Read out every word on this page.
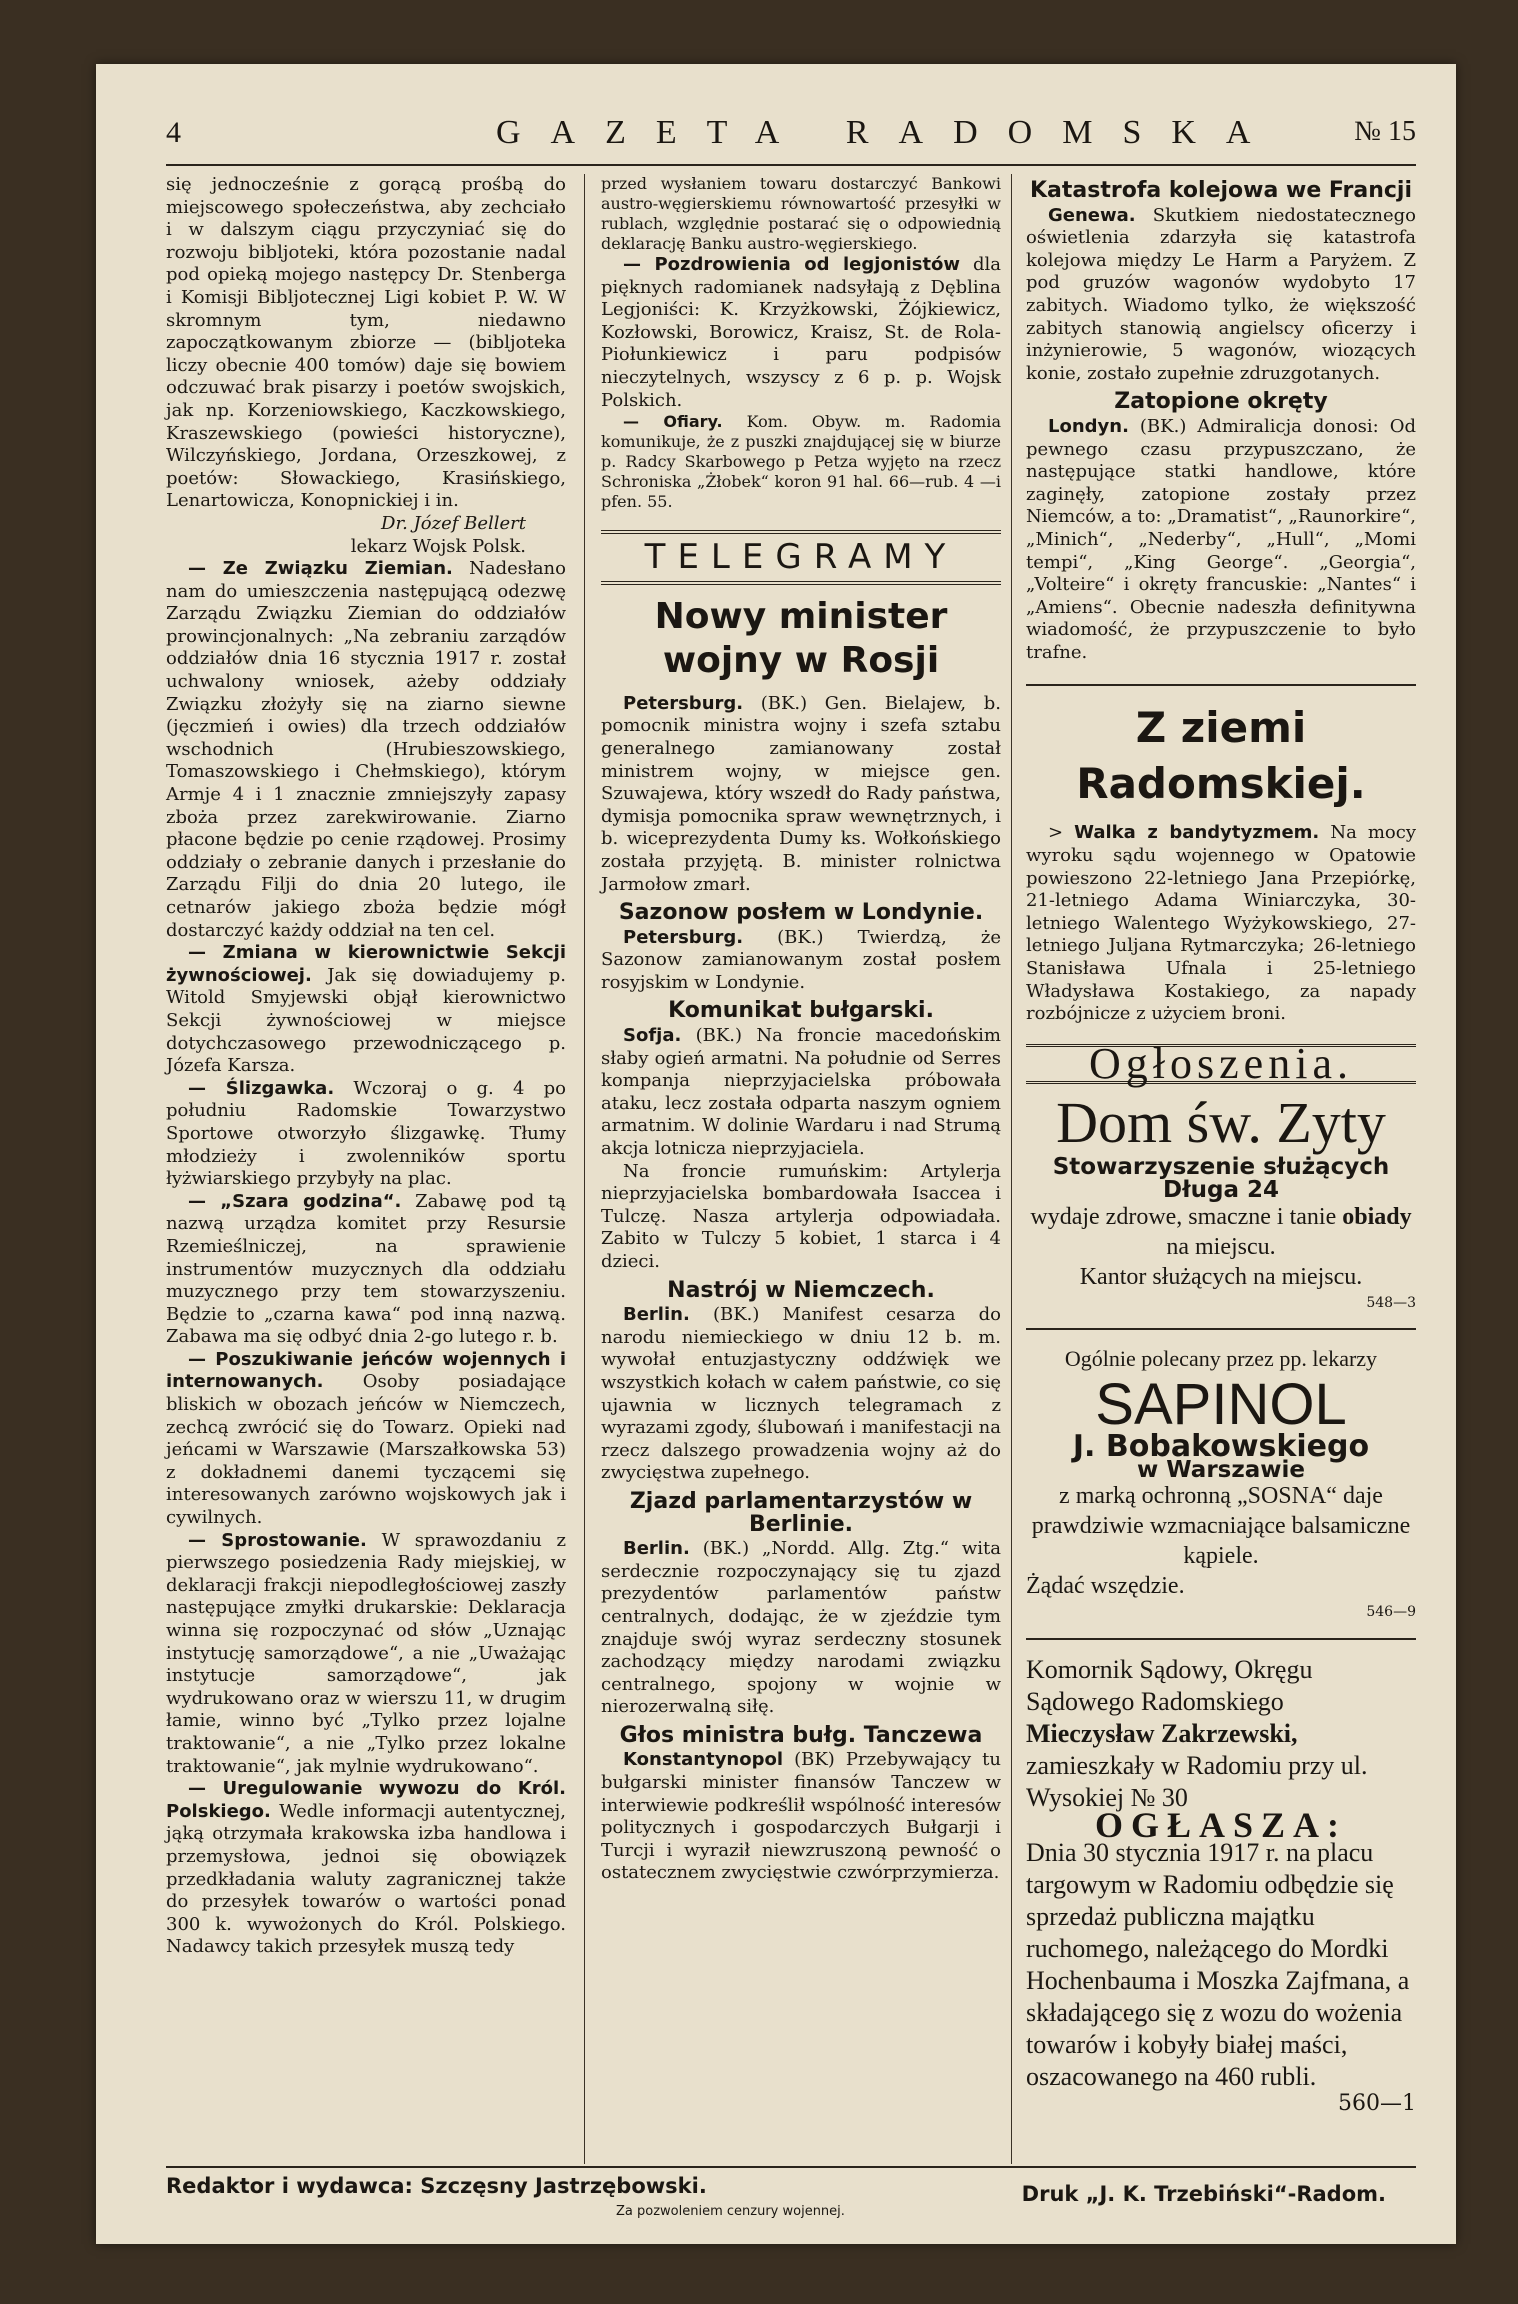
4	GAZETA RADOMSKA	№ 15

się jednocześnie z gorącą prośbą do miejscowego społeczeństwa, aby zechciało i w dalszym ciągu przyczyniać się do rozwoju bibljoteki, która pozostanie nadal pod opieką mojego następcy Dr. Stenberga i Komisji Bibljotecznej Ligi kobiet P. W. W skromnym tym, niedawno zapoczątkowanym zbiorze — (bibljoteka liczy obecnie 400 tomów) daje się bowiem odczuwać brak pisarzy i poetów swojskich, jak np. Korzeniowskiego, Kaczkowskiego, Kraszewskiego (powieści historyczne), Wilczyńskiego, Jordana, Orzeszkowej, z poetów: Słowackiego, Krasińskiego, Lenartowicza, Konopnickiej i in.

Dr. Józef Bellert
lekarz Wojsk Polsk.

— Ze Związku Ziemian. Nadesłano nam do umieszczenia następującą odezwę Zarządu Związku Ziemian do oddziałów prowincjonalnych: „Na zebraniu zarządów oddziałów dnia 16 stycznia 1917 r. został uchwalony wniosek, ażeby oddziały Związku złożyły się na ziarno siewne (jęczmień i owies) dla trzech oddziałów wschodnich (Hrubieszowskiego, Tomaszowskiego i Chełmskiego), którym Armje 4 i 1 znacznie zmniejszyły zapasy zboża przez zarekwirowanie. Ziarno płacone będzie po cenie rządowej. Prosimy oddziały o zebranie danych i przesłanie do Zarządu Filji do dnia 20 lutego, ile cetnarów jakiego zboża będzie mógł dostarczyć każdy oddział na ten cel.

— Zmiana w kierownictwie Sekcji żywnościowej. Jak się dowiadujemy p. Witold Smyjewski objął kierownictwo Sekcji żywnościowej w miejsce dotychczasowego przewodniczącego p. Józefa Karsza.

— Ślizgawka. Wczoraj o g. 4 po południu Radomskie Towarzystwo Sportowe otworzyło ślizgawkę. Tłumy młodzieży i zwolenników sportu łyżwiarskiego przybyły na plac.

— „Szara godzina“. Zabawę pod tą nazwą urządza komitet przy Resursie Rzemieślniczej, na sprawienie instrumentów muzycznych dla oddziału muzycznego przy tem stowarzyszeniu. Będzie to „czarna kawa“ pod inną nazwą. Zabawa ma się odbyć dnia 2-go lutego r. b.

— Poszukiwanie jeńców wojennych i internowanych. Osoby posiadające bliskich w obozach jeńców w Niemczech, zechcą zwrócić się do Towarz. Opieki nad jeńcami w Warszawie (Marszałkowska 53) z dokładnemi danemi tyczącemi się interesowanych zarówno wojskowych jak i cywilnych.

— Sprostowanie. W sprawozdaniu z pierwszego posiedzenia Rady miejskiej, w deklaracji frakcji niepodległościowej zaszły następujące zmyłki drukarskie: Deklaracja winna się rozpoczynać od słów „Uznając instytucję samorządowe“, a nie „Uważając instytucje samorządowe“, jak wydrukowano oraz w wierszu 11, w drugim łamie, winno być „Tylko przez lojalne traktowanie“, a nie „Tylko przez lokalne traktowanie“, jak mylnie wydrukowano“.

— Uregulowanie wywozu do Król. Polskiego. Wedle informacji autentycznej, jąką otrzymała krakowska izba handlowa i przemysłowa, jednoi się obowiązek przedkładania waluty zagranicznej także do przesyłek towarów o wartości ponad 300 k. wywożonych do Król. Polskiego. Nadawcy takich przesyłek muszą tedy

przed wysłaniem towaru dostarczyć Bankowi austro-węgierskiemu równowartość przesyłki w rublach, względnie postarać się o odpowiednią deklarację Banku austro-węgierskiego.

— Pozdrowienia od legjonistów dla pięknych radomianek nadsyłają z Dęblina Legjoniści: K. Krzyżkowski, Żójkiewicz, Kozłowski, Borowicz, Kraisz, St. de Rola-Piołunkiewicz i paru podpisów nieczytelnych, wszyscy z 6 p. p. Wojsk Polskich.

— Ofiary. Kom. Obyw. m. Radomia komunikuje, że z puszki znajdującej się w biurze p. Radcy Skarbowego p Petza wyjęto na rzecz Schroniska „Żłobek“ koron 91 hal. 66—rub. 4 —i pfen. 55.

TELEGRAMY
Nowy minister wojny w Rosji

Petersburg. (BK.) Gen. Bielajew, b. pomocnik ministra wojny i szefa sztabu generalnego zamianowany został ministrem wojny, w miejsce gen. Szuwajewa, który wszedł do Rady państwa, dymisja pomocnika spraw wewnętrznych, i b. wiceprezydenta Dumy ks. Wołkońskiego została przyjętą. B. minister rolnictwa Jarmołow zmarł.

Sazonow posłem w Londynie.

Petersburg. (BK.) Twierdzą, że Sazonow zamianowanym został posłem rosyjskim w Londynie.

Komunikat bułgarski.

Sofja. (BK.) Na froncie macedońskim słaby ogień armatni. Na południe od Serres kompanja nieprzyjacielska próbowała ataku, lecz została odparta naszym ogniem armatnim. W dolinie Wardaru i nad Strumą akcja lotnicza nieprzyjaciela.

Na froncie rumuńskim: Artylerja nieprzyjacielska bombardowała Isaccea i Tulczę. Nasza artylerja odpowiadała. Zabito w Tulczy 5 kobiet, 1 starca i 4 dzieci.

Nastrój w Niemczech.

Berlin. (BK.) Manifest cesarza do narodu niemieckiego w dniu 12 b. m. wywołał entuzjastyczny oddźwięk we wszystkich kołach w całem państwie, co się ujawnia w licznych telegramach z wyrazami zgody, ślubowań i manifestacji na rzecz dalszego prowadzenia wojny aż do zwycięstwa zupełnego.

Zjazd parlamentarzystów w Berlinie.

Berlin. (BK.) „Nordd. Allg. Ztg.“ wita serdecznie rozpoczynający się tu zjazd prezydentów parlamentów państw centralnych, dodając, że w zjeździe tym znajduje swój wyraz serdeczny stosunek zachodzący między narodami związku centralnego, spojony w wojnie w nierozerwalną siłę.

Głos ministra bułg. Tanczewa

Konstantynopol (BK) Przebywający tu bułgarski minister finansów Tanczew w interwiewie podkreślił wspólność interesów politycznych i gospodarczych Bułgarji i Turcji i wyraził niewzruszoną pewność o ostatecznem zwycięstwie czwórprzymierza.

Katastrofa kolejowa we Francji

Genewa. Skutkiem niedostatecznego oświetlenia zdarzyła się katastrofa kolejowa między Le Harm a Paryżem. Z pod gruzów wagonów wydobyto 17 zabitych. Wiadomo tylko, że większość zabitych stanowią angielscy oficerzy i inżynierowie, 5 wagonów, wiozących konie, zostało zupełnie zdruzgotanych.

Zatopione okręty

Londyn. (BK.) Admiralicja donosi: Od pewnego czasu przypuszczano, że następujące statki handlowe, które zaginęły, zatopione zostały przez Niemców, a to: „Dramatist“, „Raunorkire“, „Minich“, „Nederby“, „Hull“, „Momi tempi“, „King George“. „Georgia“, „Volteire“ i okręty francuskie: „Nantes“ i „Amiens“. Obecnie nadeszła definitywna wiadomość, że przypuszczenie to było trafne.

Z ziemi Radomskiej.

> Walka z bandytyzmem. Na mocy wyroku sądu wojennego w Opatowie powieszono 22-letniego Jana Przepiórkę, 21-letniego Adama Winiarczyka, 30-letniego Walentego Wyżykowskiego, 27-letniego Juljana Rytmarczyka; 26-letniego Stanisława Ufnala i 25-letniego Władysława Kostakiego, za napady rozbójnicze z użyciem broni.

Ogłoszenia.
Dom św. Zyty
Stowarzyszenie służących Długa 24
wydaje zdrowe, smaczne i tanie obiady na miejscu.
Kantor służących na miejscu.
548—3
Ogólnie polecany przez pp. lekarzy
SAPINOL
J. Bobakowskiego
w Warszawie
z marką ochronną „SOSNA“ daje prawdziwie wzmacniające balsamiczne kąpiele.
Żądać wszędzie.
546—9
Komornik Sądowy, Okręgu Sądowego Radomskiego Mieczysław Zakrzewski, zamieszkały w Radomiu przy ul. Wysokiej № 30
OGŁASZA:
Dnia 30 stycznia 1917 r. na placu targowym w Radomiu odbędzie się sprzedaż publiczna majątku ruchomego, należącego do Mordki Hochenbauma i Moszka Zajfmana, a składającego się z wozu do wożenia towarów i kobyły białej maści, oszacowanego na 460 rubli.
560—1
Redaktor i wydawca: Szczęsny Jastrzębowski.	Druk „J. K. Trzebiński“-Radom.
Za pozwoleniem cenzury wojennej.
